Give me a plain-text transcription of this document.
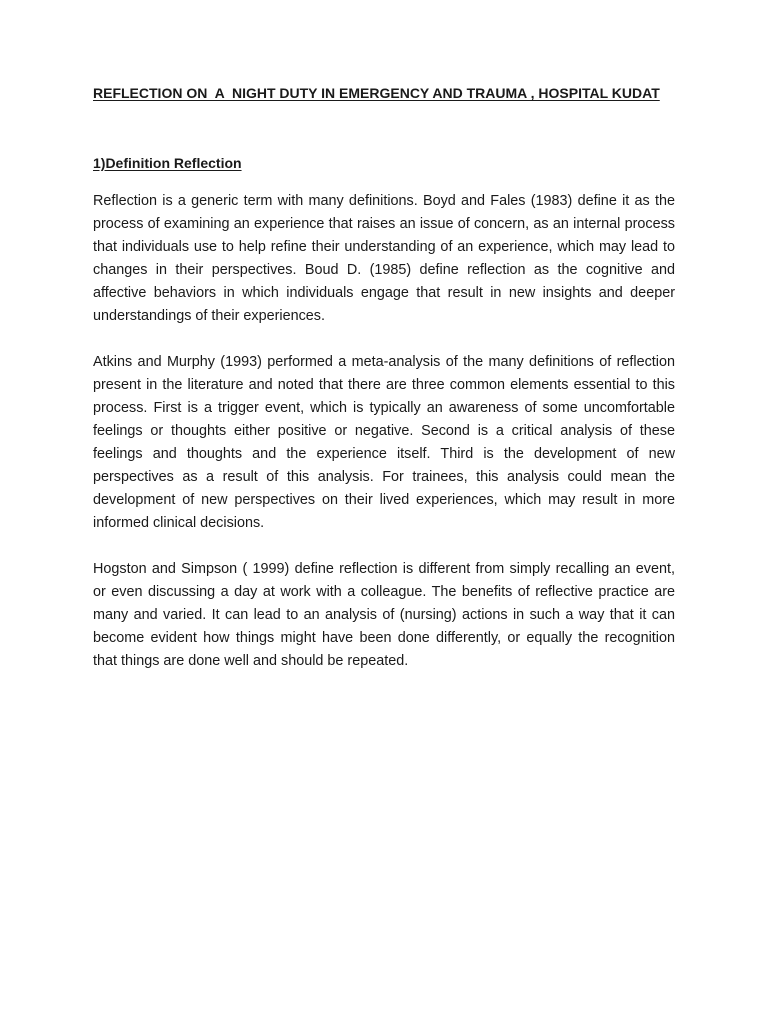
REFLECTION ON  A  NIGHT DUTY IN EMERGENCY AND TRAUMA , HOSPITAL KUDAT
1)Definition Reflection

Reflection is a generic term with many definitions. Boyd and Fales (1983) define it as the process of examining an experience that raises an issue of concern, as an internal process that individuals use to help refine their understanding of an experience, which may lead to changes in their perspectives. Boud D. (1985) define reflection as the cognitive and affective behaviors in which individuals engage that result in new insights and deeper understandings of their experiences.

Atkins and Murphy (1993) performed a meta-analysis of the many definitions of reflection present in the literature and noted that there are three common elements essential to this process. First is a trigger event, which is typically an awareness of some uncomfortable feelings or thoughts either positive or negative. Second is a critical analysis of these feelings and thoughts and the experience itself. Third is the development of new perspectives as a result of this analysis. For trainees, this analysis could mean the development of new perspectives on their lived experiences, which may result in more informed clinical decisions.

Hogston and Simpson ( 1999) define reflection is different from simply recalling an event, or even discussing a day at work with a colleague. The benefits of reflective practice are many and varied. It can lead to an analysis of (nursing) actions in such a way that it can become evident how things might have been done differently, or equally the recognition that things are done well and should be repeated.
